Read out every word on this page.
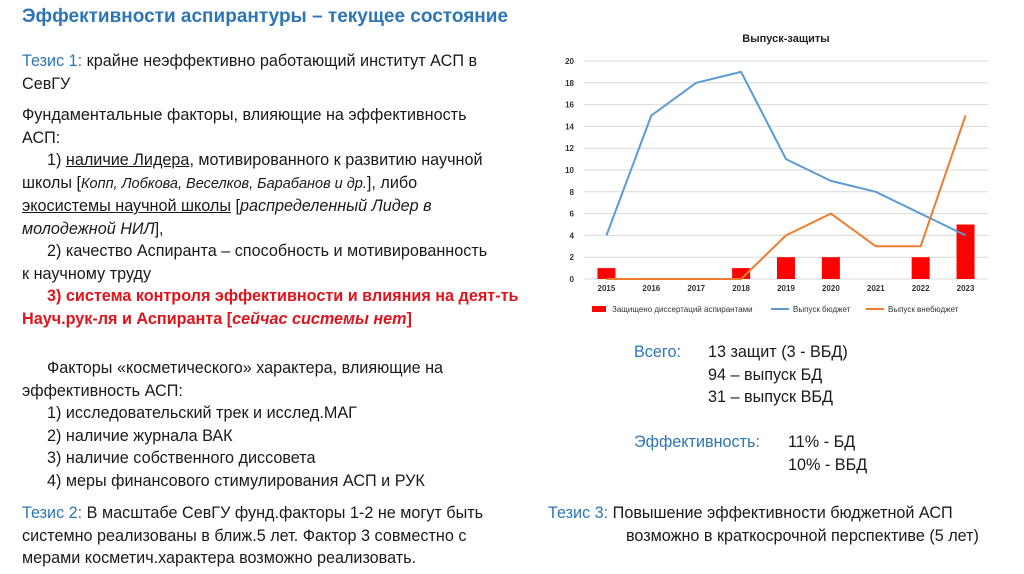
Эффективности аспирантуры – текущее состояние
Тезис 1: крайне неэффективно работающий институт АСП в
СевГУ
Фундаментальные факторы, влияющие на эффективность
АСП:
1) наличие Лидера, мотивированного к развитию научной
школы [Копп, Лобкова, Веселков, Барабанов и др.], либо
экосистемы научной школы [распределенный Лидер в
молодежной НИЛ],
2) качество Аспиранта – способность и мотивированность
к научному труду
3) система контроля эффективности и влияния на деят-ть
Науч.рук-ля и Аспиранта [сейчас системы нет]
Факторы «косметического» характера, влияющие на
эффективность АСП:
1) исследовательский трек и исслед.МАГ
2) наличие журнала ВАК
3) наличие собственного диссовета
4) меры финансового стимулирования АСП и РУК
Тезис 2: В масштабе СевГУ фунд.факторы 1-2 не могут быть
системно реализованы в ближ.5 лет. Фактор 3 совместно с
мерами косметич.характера возможно реализовать.
Тезис 3: Повышение эффективности бюджетной АСП
возможно в краткосрочной перспективе (5 лет)
Всего: 13 защит (3 - ВБД)
94 – выпуск БД
31 – выпуск ВБД
Эффективность: 11% - БД
10% - ВБД
Выпуск-защиты
0
2
4
6
8
10
12
14
16
18
20
2015	2016	2017	2018	2019	2020	2021	2022	2023
Защищено диссертаций аспирантами	Выпуск бюджет	Выпуск внебюджет
